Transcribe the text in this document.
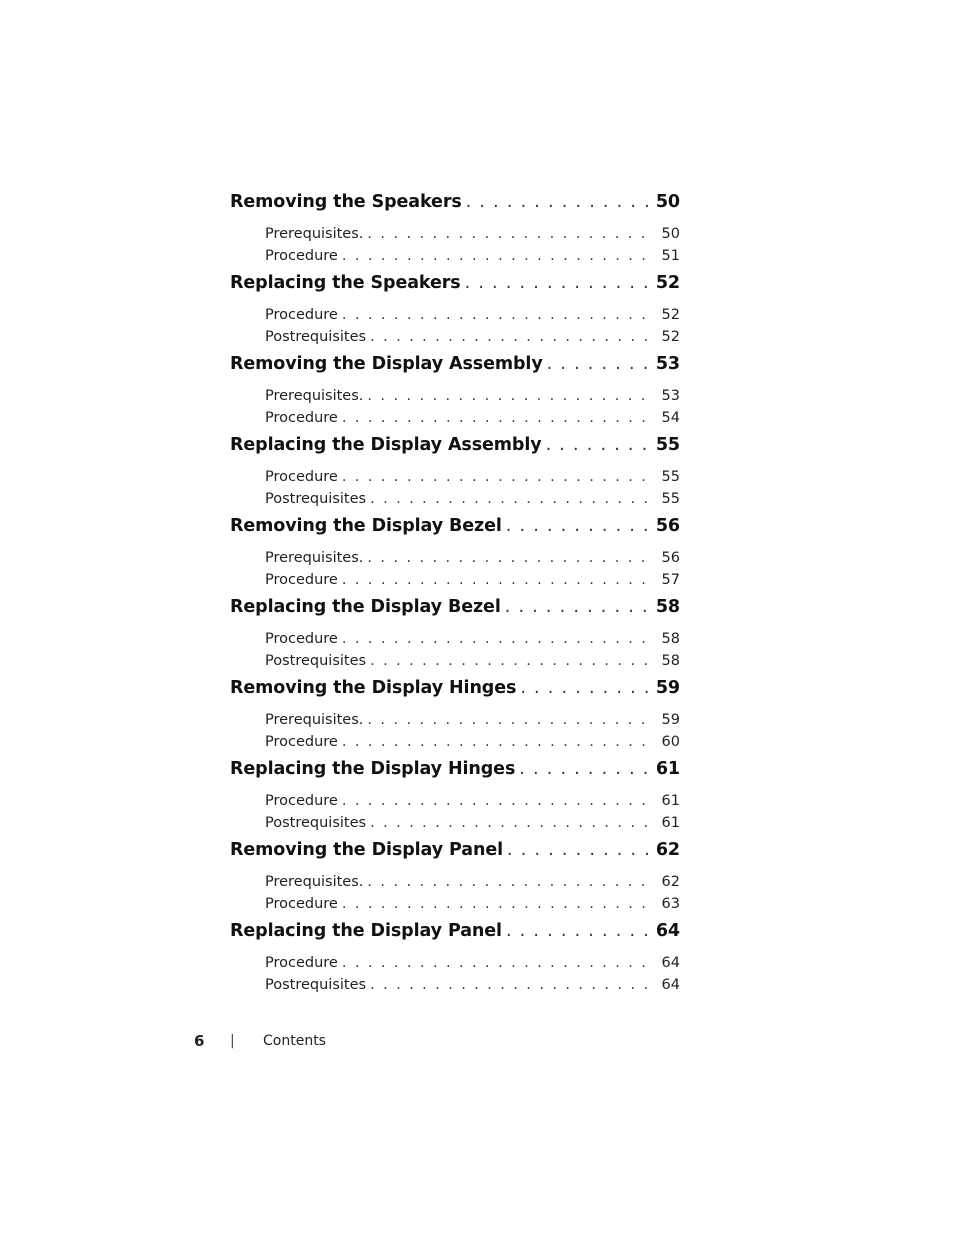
Removing the Speakers . . .	50
Prerequisites. . . .	50
Procedure . . .	51
Replacing the Speakers . . .	52
Procedure . . .	52
Postrequisites . . .	52
Removing the Display Assembly . . .	53
Prerequisites. . . .	53
Procedure . . .	54
Replacing the Display Assembly . . .	55
Procedure . . .	55
Postrequisites . . .	55
Removing the Display Bezel . . .	56
Prerequisites. . . .	56
Procedure . . .	57
Replacing the Display Bezel . . .	58
Procedure . . .	58
Postrequisites . . .	58
Removing the Display Hinges . . .	59
Prerequisites. . . .	59
Procedure . . .	60
Replacing the Display Hinges . . .	61
Procedure . . .	61
Postrequisites . . .	61
Removing the Display Panel . . .	62
Prerequisites. . . .	62
Procedure . . .	63
Replacing the Display Panel . . .	64
Procedure . . .	64
Postrequisites . . .	64
6	|	Contents
